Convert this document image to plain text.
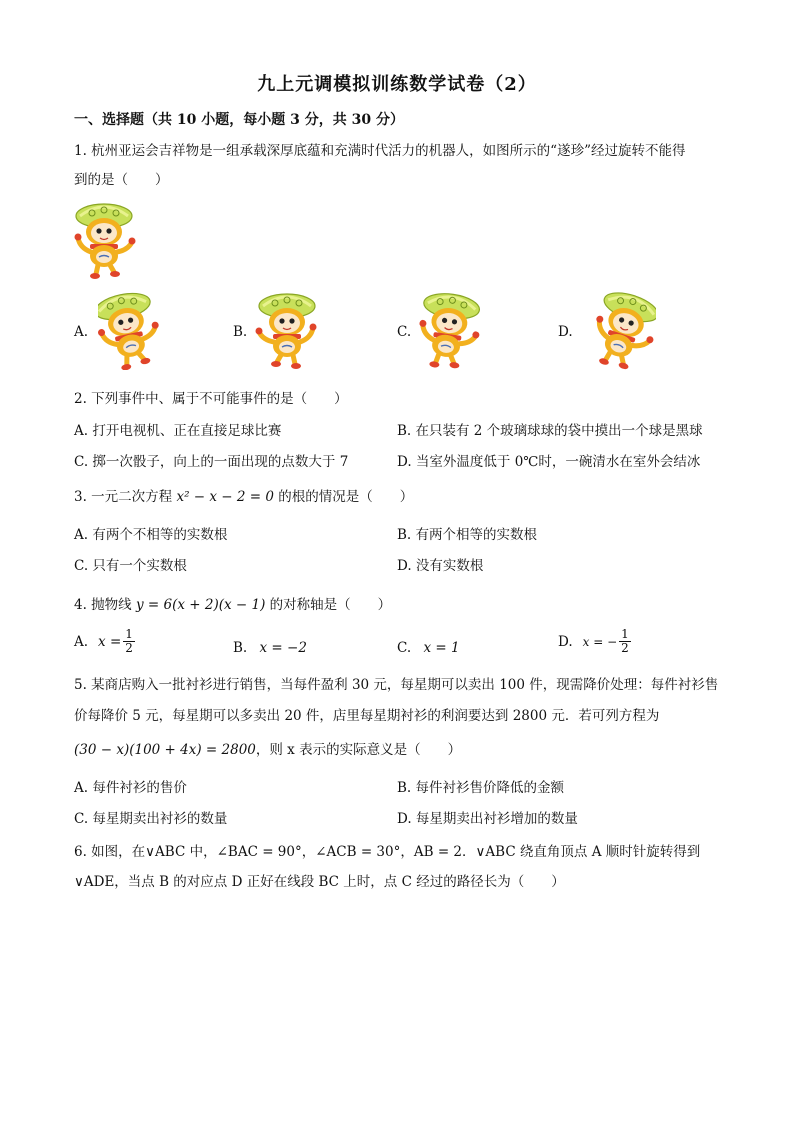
九上元调模拟训练数学试卷（2）
一、选择题（共 10 小题，每小题 3 分，共 30 分）
1. 杭州亚运会吉祥物是一组承载深厚底蕴和充满时代活力的机器人，如图所示的“遂珍”经过旋转不能得
到的是（　　）
A.	B.	C.	D.
2. 下列事件中、属于不可能事件的是（　　）
A. 打开电视机、正在直接足球比赛	B. 在只装有 2 个玻璃球球的袋中摸出一个球是黑球
C. 掷一次骰子，向上的一面出现的点数大于 7	D. 当室外温度低于 0℃时，一碗清水在室外会结冰
3. 一元二次方程 x² − x − 2 = 0 的根的情况是（　　）
A. 有两个不相等的实数根	B. 有两个相等的实数根
C. 只有一个实数根	D. 没有实数根
4. 抛物线 y = 6(x + 2)(x − 1) 的对称轴是（　　）
A. $x = \frac{1}{2}$	B. x = −2	C. x = 1	D. x = − $\frac{1}{2}$
5. 某商店购入一批衬衫进行销售，当每件盈利 30 元，每星期可以卖出 100 件，现需降价处理：每件衬衫售
价每降价 5 元，每星期可以多卖出 20 件，店里每星期衬衫的利润要达到 2800 元．若可列方程为
(30 − x)(100 + 4x) = 2800，则 x 表示的实际意义是（　　）
A. 每件衬衫的售价	B. 每件衬衫售价降低的金额
C. 每星期卖出衬衫的数量	D. 每星期卖出衬衫增加的数量
6. 如图，在∨ABC 中，∠BAC = 90°，∠ACB = 30°，AB = 2．∨ABC 绕直角顶点 A 顺时针旋转得到
∨ADE，当点 B 的对应点 D 正好在线段 BC 上时，点 C 经过的路径长为（　　）
